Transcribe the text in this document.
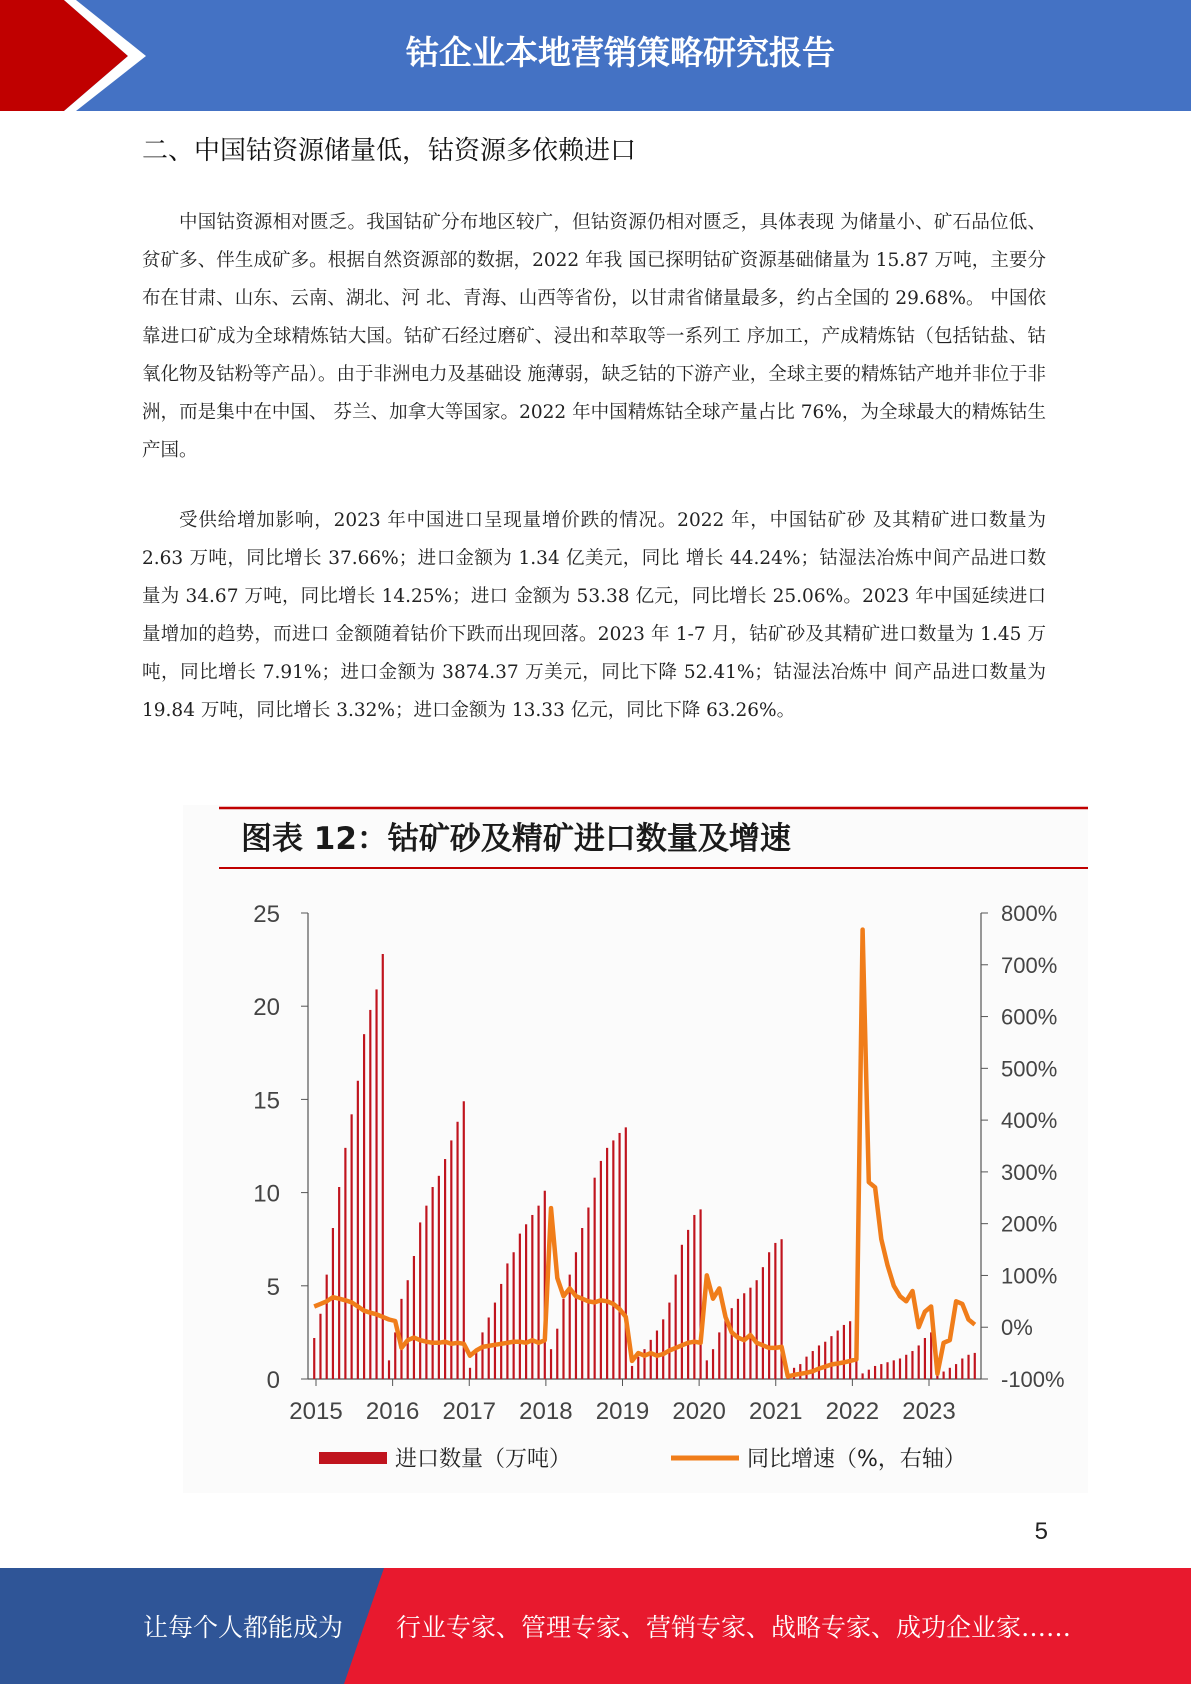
钴企业本地营销策略研究报告
二、中国钴资源储量低，钴资源多依赖进口

中国钴资源相对匮乏。我国钴矿分布地区较广，但钴资源仍相对匮乏，具体表现 为储量小、矿石品位低、贫矿多、伴生成矿多。根据自然资源部的数据，2022 年我 国已探明钴矿资源基础储量为 15.87 万吨，主要分布在甘肃、山东、云南、湖北、河 北、青海、山西等省份，以甘肃省储量最多，约占全国的 29.68%。 中国依靠进口矿成为全球精炼钴大国。钴矿石经过磨矿、浸出和萃取等一系列工 序加工，产成精炼钴（包括钴盐、钴氧化物及钴粉等产品）。由于非洲电力及基础设 施薄弱，缺乏钴的下游产业，全球主要的精炼钴产地并非位于非洲，而是集中在中国、 芬兰、加拿大等国家。2022 年中国精炼钴全球产量占比 76%，为全球最大的精炼钴生 产国。

受供给增加影响，2023 年中国进口呈现量增价跌的情况。2022 年，中国钴矿砂 及其精矿进口数量为 2.63 万吨，同比增长 37.66%；进口金额为 1.34 亿美元，同比 增长 44.24%；钴湿法冶炼中间产品进口数量为 34.67 万吨，同比增长 14.25%；进口 金额为 53.38 亿元，同比增长 25.06%。2023 年中国延续进口量增加的趋势，而进口 金额随着钴价下跌而出现回落。2023 年 1-7 月，钴矿砂及其精矿进口数量为 1.45 万 吨，同比增长 7.91%；进口金额为 3874.37 万美元，同比下降 52.41%；钴湿法冶炼中 间产品进口数量为 19.84 万吨，同比增长 3.32%；进口金额为 13.33 亿元，同比下降 63.26%。

图表 12：钴矿砂及精矿进口数量及增速
0
5
10
15
20
25
-100%
0%
100%
200%
300%
400%
500%
600%
700%
800%
2015 2016 2017 2018 2019 2020 2021 2022 2023
进口数量（万吨）	同比增速（%，右轴）
5
让每个人都能成为 行业专家、管理专家、营销专家、战略专家、成功企业家……
